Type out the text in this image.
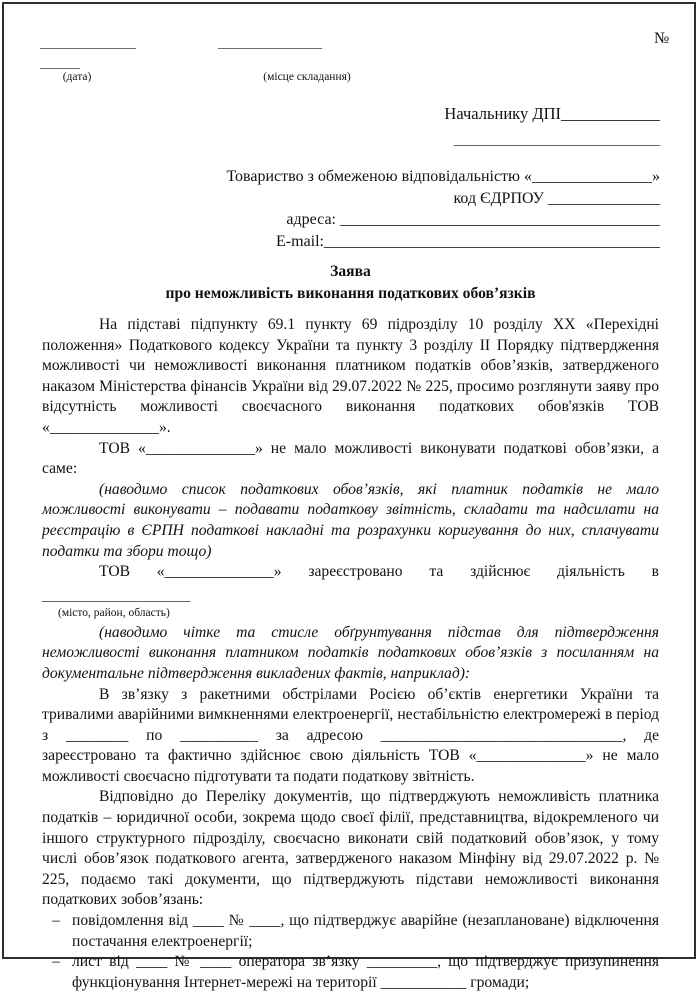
____________	_____________	№
_____
(дата)	(місце складання)
Начальнику ДПІ____________
_________________________
Товариство з обмеженою відповідальністю «_______________»
код ЄДРПОУ ______________
адреса: ________________________________________
E-mail:__________________________________________
Заява
про неможливість виконання податкових обов’язків

На підставі підпункту 69.1 пункту 69 підрозділу 10 розділу ХХ «Перехідні положення» Податкового кодексу України та пункту 3 розділу ІІ Порядку підтвердження можливості чи неможливості виконання платником податків обов’язків, затвердженого наказом Міністерства фінансів України від 29.07.2022 № 225, просимо розглянути заяву про відсутність можливості своєчасного виконання податкових обов'язків ТОВ «______________».

ТОВ «______________» не мало можливості виконувати податкові обов’язки, а саме:

(наводимо список податкових обов’язків, які платник податків не мало можливості виконувати – подавати податкову звітність, складати та надсилати на реєстрацію в ЄРПН податкові накладні та розрахунки коригування до них, сплачувати податки та збори тощо)

ТОВ «______________» зареєстровано та здійснює діяльність в

___________________
(місто, район, область)

(наводимо чітке та стисле обґрунтування підстав для підтвердження неможливості виконання платником податків податкових обов’язків з посиланням на документальне підтвердження викладених фактів, наприклад):

В зв’язку з ракетними обстрілами Росією об’єктів енергетики України та тривалими аварійними вимкненнями електроенергії, нестабільністю електромережі в період з ________ по __________ за адресою _______________________________, де зареєстровано та фактично здійснює свою діяльність ТОВ «______________» не мало можливості своєчасно підготувати та подати податкову звітність.

Відповідно до Переліку документів, що підтверджують неможливість платника податків – юридичної особи, зокрема щодо своєї філії, представництва, відокремленого чи іншого структурного підрозділу, своєчасно виконати свій податковий обов’язок, у тому числі обов’язок податкового агента, затвердженого наказом Мінфіну від 29.07.2022 р. № 225, подаємо такі документи, що підтверджують підстави неможливості виконання податкових зобов’язань:

– повідомлення від ____ № ____, що підтверджує аварійне (незаплановане) відключення постачання електроенергії;
– лист від ____ № ____ оператора зв’язку _________, що підтверджує призупинення функціонування Інтернет-мережі на території ___________ громади;
